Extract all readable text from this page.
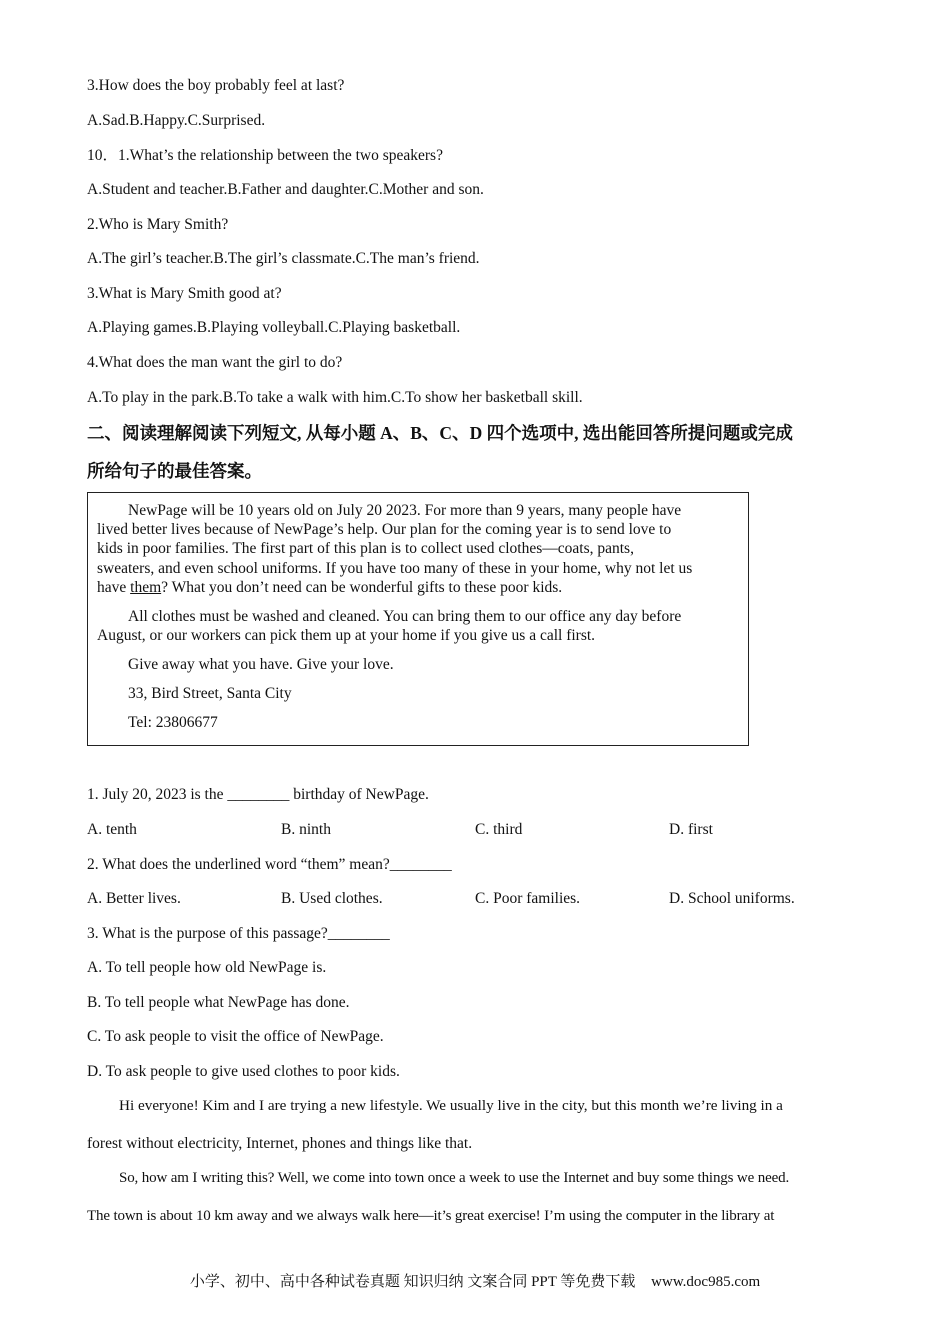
3.How does the boy probably feel at last?
A.Sad.B.Happy.C.Surprised.
10．1.What’s the relationship between the two speakers?
A.Student and teacher.B.Father and daughter.C.Mother and son.
2.Who is Mary Smith?
A.The girl’s teacher.B.The girl’s classmate.C.The man’s friend.
3.What is Mary Smith good at?
A.Playing games.B.Playing volleyball.C.Playing basketball.
4.What does the man want the girl to do?
A.To play in the park.B.To take a walk with him.C.To show her basketball skill.
二、阅读理解阅读下列短文, 从每小题 A、B、C、D 四个选项中, 选出能回答所提问题或完成
所给句子的最佳答案。
NewPage will be 10 years old on July 20 2023. For more than 9 years, many people have
lived better lives because of NewPage’s help. Our plan for the coming year is to send love to
kids in poor families. The first part of this plan is to collect used clothes—coats, pants,
sweaters, and even school uniforms. If you have too many of these in your home, why not let us
have them? What you don’t need can be wonderful gifts to these poor kids.
All clothes must be washed and cleaned. You can bring them to our office any day before
August, or our workers can pick them up at your home if you give us a call first.
Give away what you have. Give your love.
33, Bird Street, Santa City
Tel: 23806677
1. July 20, 2023 is the ________ birthday of NewPage.
A. tenth	B. ninth	C. third	D. first
2. What does the underlined word “them” mean?________
A. Better lives.	B. Used clothes.	C. Poor families.	D. School uniforms.
3. What is the purpose of this passage?________
A. To tell people how old NewPage is.
B. To tell people what NewPage has done.
C. To ask people to visit the office of NewPage.
D. To ask people to give used clothes to poor kids.
Hi everyone! Kim and I are trying a new lifestyle. We usually live in the city, but this month we’re living in a
forest without electricity, Internet, phones and things like that.
So, how am I writing this? Well, we come into town once a week to use the Internet and buy some things we need.
The town is about 10 km away and we always walk here—it’s great exercise! I’m using the computer in the library at
小学、初中、高中各种试卷真题 知识归纳 文案合同 PPT 等免费下载 www.doc985.com
